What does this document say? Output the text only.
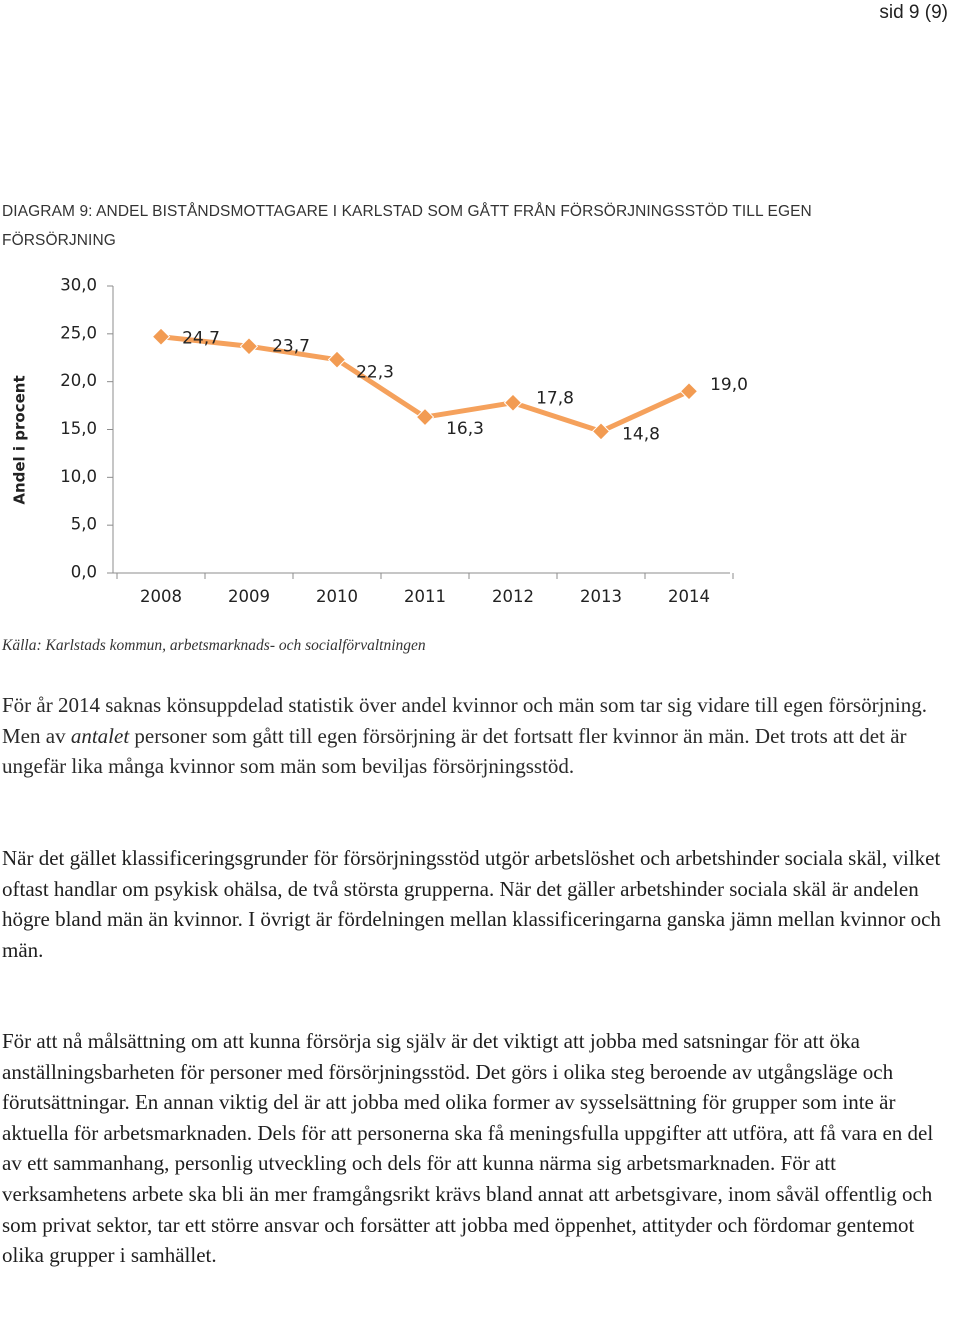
sid 9 (9)
DIAGRAM 9: ANDEL BISTÅNDSMOTTAGARE I KARLSTAD SOM GÅTT FRÅN FÖRSÖRJNINGSSTÖD TILL EGEN FÖRSÖRJNING
Andel i procent
0,0
5,0
10,0
15,0
20,0
25,0
30,0
2008	2009	2010	2011	2012	2013	2014
24,7	23,7
22,3
16,3
17,8
14,8
19,0
Källa: Karlstads kommun, arbetsmarknads- och socialförvaltningen

För år 2014 saknas könsuppdelad statistik över andel kvinnor och män som tar sig vidare till egen försörjning. Men av antalet personer som gått till egen försörjning är det fortsatt fler kvinnor än män. Det trots att det är ungefär lika många kvinnor som män som beviljas försörjningsstöd.

När det gället klassificeringsgrunder för försörjningsstöd utgör arbetslöshet och arbetshinder sociala skäl, vilket oftast handlar om psykisk ohälsa, de två största grupperna. När det gäller arbetshinder sociala skäl är andelen högre bland män än kvinnor. I övrigt är fördelningen mellan klassificeringarna ganska jämn mellan kvinnor och män.

För att nå målsättning om att kunna försörja sig själv är det viktigt att jobba med satsningar för att öka anställningsbarheten för personer med försörjningsstöd. Det görs i olika steg beroende av utgångsläge och förutsättningar. En annan viktig del är att jobba med olika former av sysselsättning för grupper som inte är aktuella för arbetsmarknaden. Dels för att personerna ska få meningsfulla uppgifter att utföra, att få vara en del av ett sammanhang, personlig utveckling och dels för att kunna närma sig arbetsmarknaden. För att verksamhetens arbete ska bli än mer framgångsrikt krävs bland annat att arbetsgivare, inom såväl offentlig och som privat sektor, tar ett större ansvar och forsätter att jobba med öppenhet, attityder och fördomar gentemot olika grupper i samhället.
